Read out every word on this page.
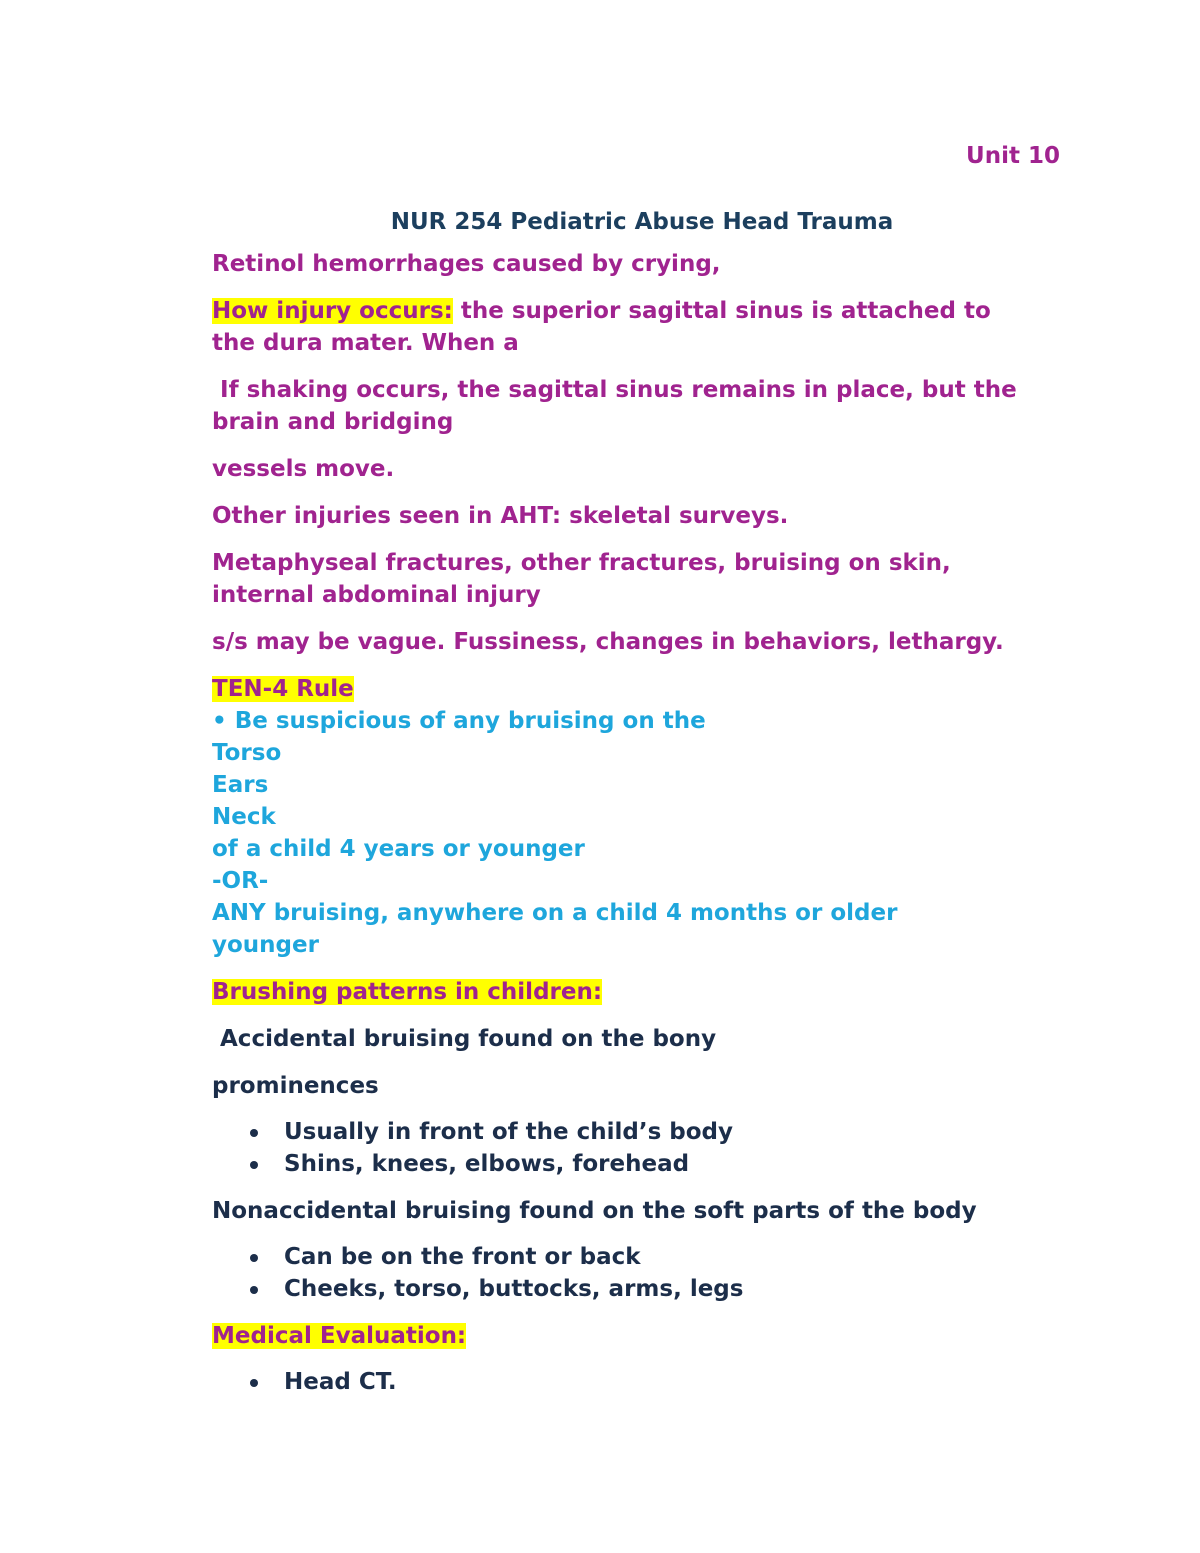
Unit 10

NUR 254 Pediatric Abuse Head Trauma

Retinol hemorrhages caused by crying,

How injury occurs: the superior sagittal sinus is attached to
the dura mater. When a

If shaking occurs, the sagittal sinus remains in place, but the
brain and bridging

vessels move.

Other injuries seen in AHT: skeletal surveys.

Metaphyseal fractures, other fractures, bruising on skin,
internal abdominal injury

s/s may be vague. Fussiness, changes in behaviors, lethargy.

TEN-4 Rule
• Be suspicious of any bruising on the
Torso
Ears
Neck
of a child 4 years or younger
-OR-
ANY bruising, anywhere on a child 4 months or older
younger

Brushing patterns in children:

Accidental bruising found on the bony

prominences

Usually in front of the child’s body
Shins, knees, elbows, forehead

Nonaccidental bruising found on the soft parts of the body

Can be on the front or back
Cheeks, torso, buttocks, arms, legs

Medical Evaluation:

Head CT.
